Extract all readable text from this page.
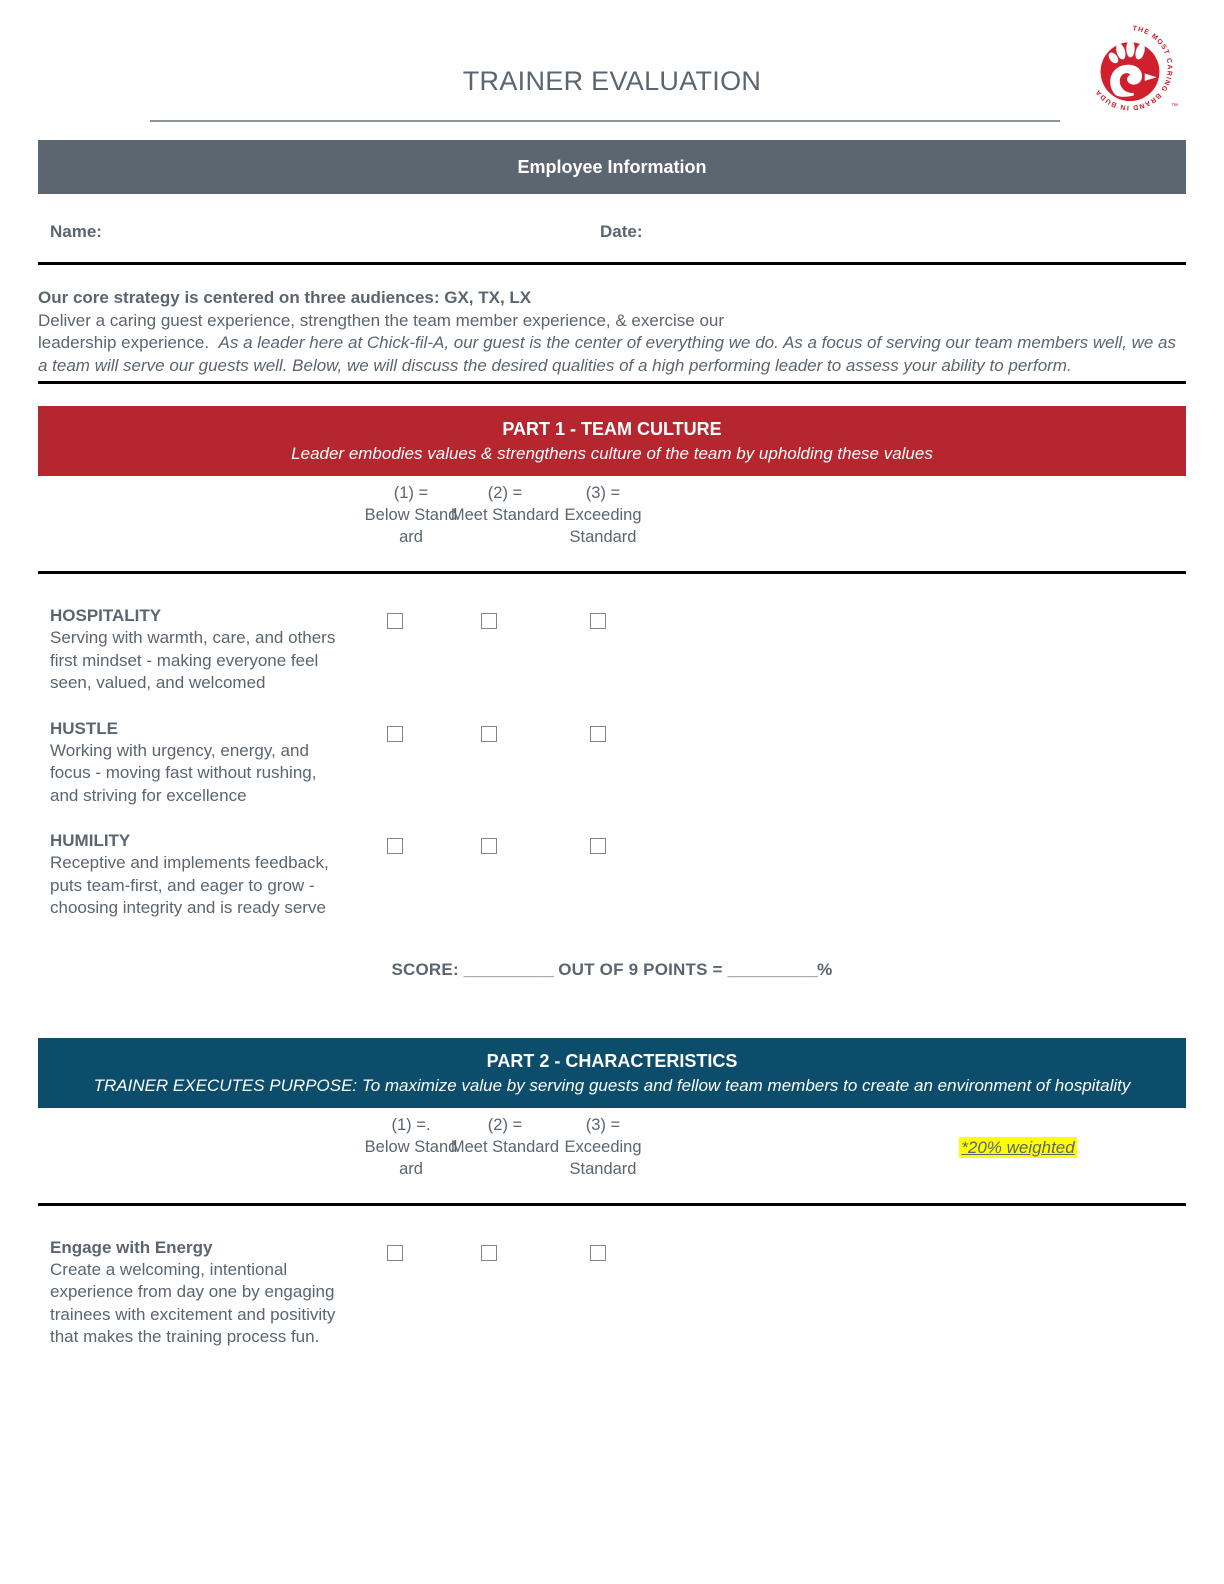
TRAINER EVALUATION
.
THE MOST CARING BRAND IN BUDA
™
Employee Information
Name:	Date:

Our core strategy is centered on three audiences: GX, TX, LX

Deliver a caring guest experience, strengthen the team member experience, & exercise our

leadership experience. As a leader here at Chick-fil-A, our guest is the center of everything we do. As a focus of serving our team members well, we as a team will serve our guests well. Below, we will discuss the desired qualities of a high performing leader to assess your ability to perform.

PART 1 - TEAM CULTURE
Leader embodies values & strengthens culture of the team by upholding these values
(1) =
Below Stand ard
(2) =
Meet Standard
(3) =
Exceeding Standard
HOSPITALITY
Serving with warmth, care, and others first mindset - making everyone feel seen, valued, and welcomed
HUSTLE
Working with urgency, energy, and focus - moving fast without rushing, and striving for excellence
HUMILITY
Receptive and implements feedback, puts team-first, and eager to grow - choosing integrity and is ready serve
SCORE: __________ OUT OF 9 POINTS = __________%
PART 2 - CHARACTERISTICS
TRAINER EXECUTES PURPOSE: To maximize value by serving guests and fellow team members to create an environment of hospitality
(1) =.
Below Stand ard
(2) =
Meet Standard
(3) =
Exceeding Standard
*20% weighted
Engage with Energy
Create a welcoming, intentional experience from day one by engaging trainees with excitement and positivity that makes the training process fun.
